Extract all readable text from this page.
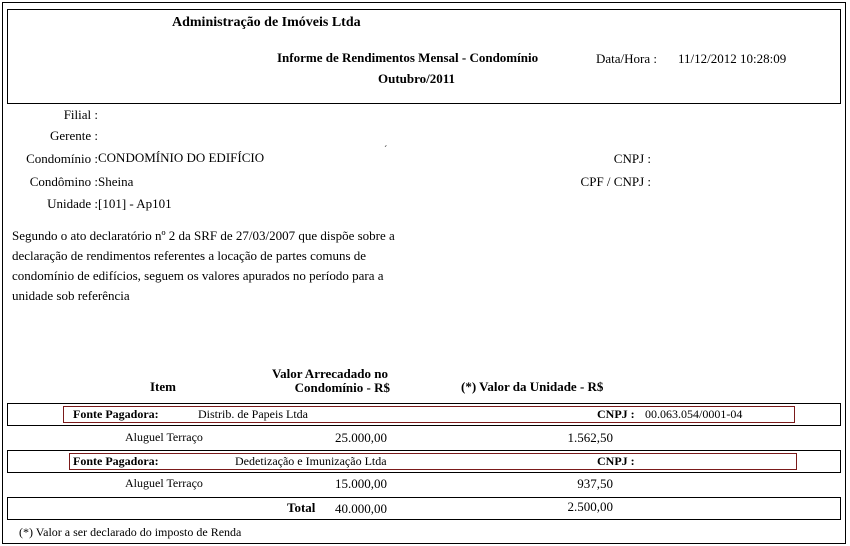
Administração de Imóveis Ltda
Informe de Rendimentos Mensal - Condomínio
Outubro/2011
Data/Hora : 11/12/2012 10:28:09
Filial :
Gerente :
Condomínio : CONDOMÍNIO DO EDIFÍCIO	´
Condômino : Sheina
Unidade : [101] - Ap101
CNPJ :
CPF / CNPJ :
Segundo o ato declaratório nº 2 da SRF de 27/03/2007 que dispõe sobre a declaração de rendimentos referentes a locação de partes comuns de condomínio de edifícios, seguem os valores apurados no período para a unidade sob referência
Item
Valor Arrecadado no
Condomínio - R$	(*) Valor da Unidade - R$
Fonte Pagadora:	Distrib. de Papeis Ltda	CNPJ : 00.063.054/0001-04
Aluguel Terraço	25.000,00	1.562,50
Fonte Pagadora:	Dedetização e Imunização Ltda	CNPJ :
Aluguel Terraço	15.000,00	937,50
Total 40.000,00	2.500,00
(*) Valor a ser declarado do imposto de Renda
